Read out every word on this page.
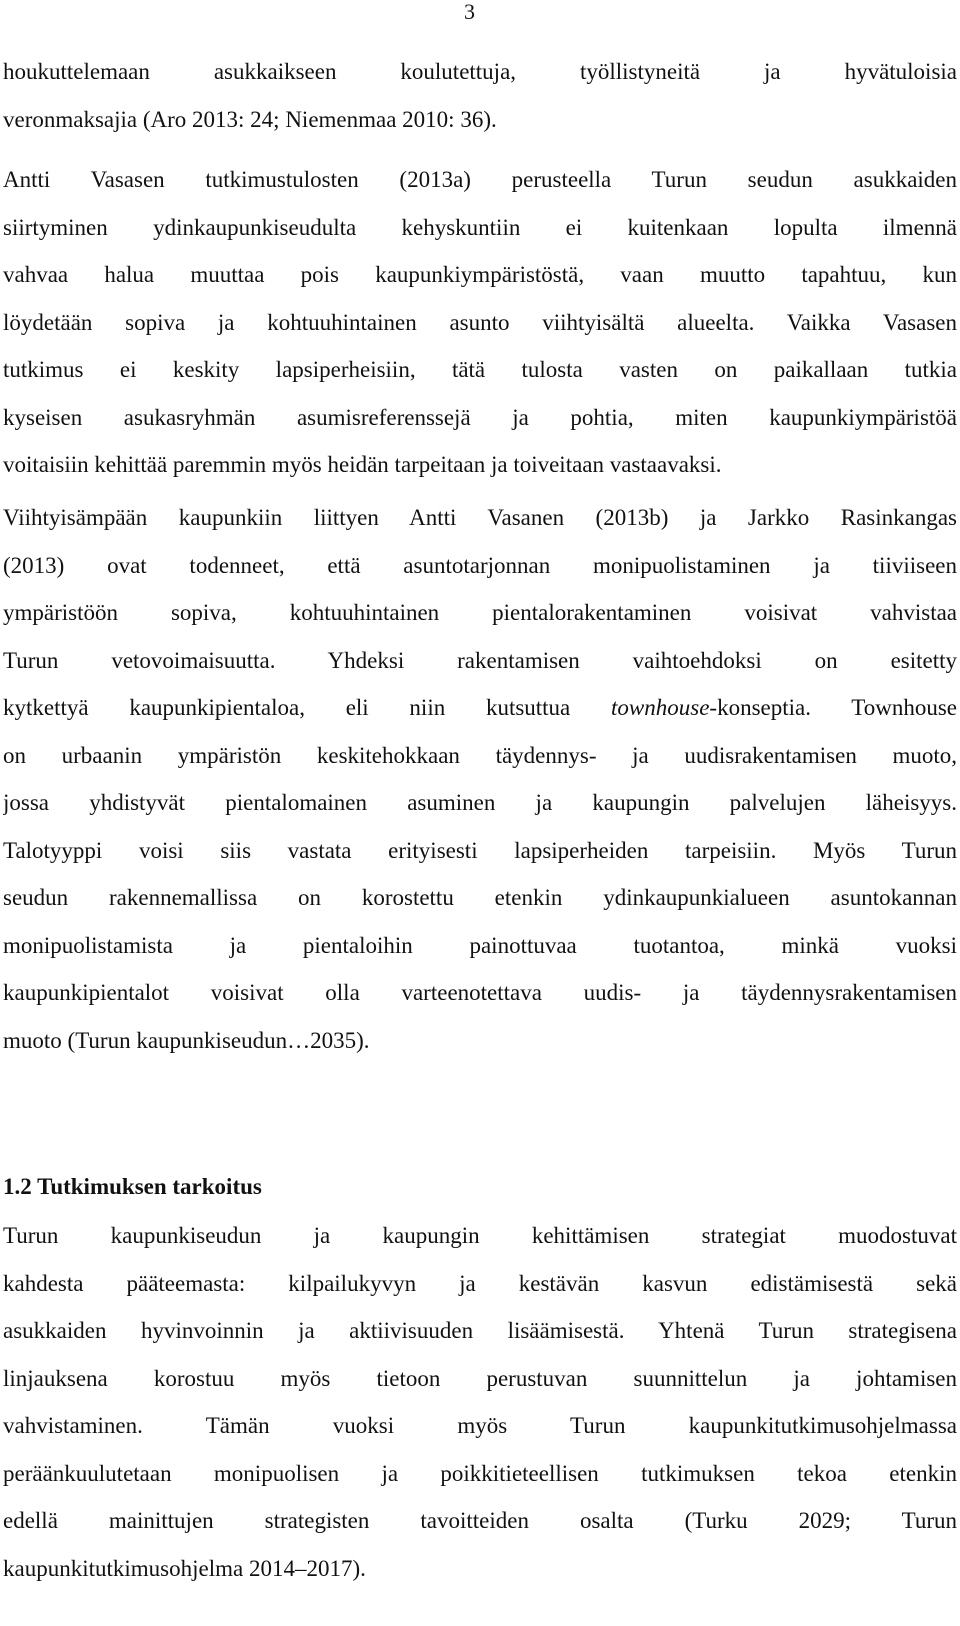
3
houkuttelemaan asukkaikseen koulutettuja, työllistyneitä ja hyvätuloisia
veronmaksajia (Aro 2013: 24; Niemenmaa 2010: 36).
Antti Vasasen tutkimustulosten (2013a) perusteella Turun seudun asukkaiden
siirtyminen ydinkaupunkiseudulta kehyskuntiin ei kuitenkaan lopulta ilmennä
vahvaa halua muuttaa pois kaupunkiympäristöstä, vaan muutto tapahtuu, kun
löydetään sopiva ja kohtuuhintainen asunto viihtyisältä alueelta. Vaikka Vasasen
tutkimus ei keskity lapsiperheisiin, tätä tulosta vasten on paikallaan tutkia
kyseisen asukasryhmän asumisreferenssejä ja pohtia, miten kaupunkiympäristöä
voitaisiin kehittää paremmin myös heidän tarpeitaan ja toiveitaan vastaavaksi.
Viihtyisämpään kaupunkiin liittyen Antti Vasanen (2013b) ja Jarkko Rasinkangas
(2013) ovat todenneet, että asuntotarjonnan monipuolistaminen ja tiiviiseen
ympäristöön sopiva, kohtuuhintainen pientalorakentaminen voisivat vahvistaa
Turun vetovoimaisuutta. Yhdeksi rakentamisen vaihtoehdoksi on esitetty
kytkettyä kaupunkipientaloa, eli niin kutsuttua townhouse-konseptia. Townhouse
on urbaanin ympäristön keskitehokkaan täydennys- ja uudisrakentamisen muoto,
jossa yhdistyvät pientalomainen asuminen ja kaupungin palvelujen läheisyys.
Talotyyppi voisi siis vastata erityisesti lapsiperheiden tarpeisiin. Myös Turun
seudun rakennemallissa on korostettu etenkin ydinkaupunkialueen asuntokannan
monipuolistamista ja pientaloihin painottuvaa tuotantoa, minkä vuoksi
kaupunkipientalot voisivat olla varteenotettava uudis- ja täydennysrakentamisen
muoto (Turun kaupunkiseudun…2035).
1.2 Tutkimuksen tarkoitus
Turun kaupunkiseudun ja kaupungin kehittämisen strategiat muodostuvat
kahdesta pääteemasta: kilpailukyvyn ja kestävän kasvun edistämisestä sekä
asukkaiden hyvinvoinnin ja aktiivisuuden lisäämisestä. Yhtenä Turun strategisena
linjauksena korostuu myös tietoon perustuvan suunnittelun ja johtamisen
vahvistaminen. Tämän vuoksi myös Turun kaupunkitutkimusohjelmassa
peräänkuulutetaan monipuolisen ja poikkitieteellisen tutkimuksen tekoa etenkin
edellä mainittujen strategisten tavoitteiden osalta (Turku 2029; Turun
kaupunkitutkimusohjelma 2014–2017).
